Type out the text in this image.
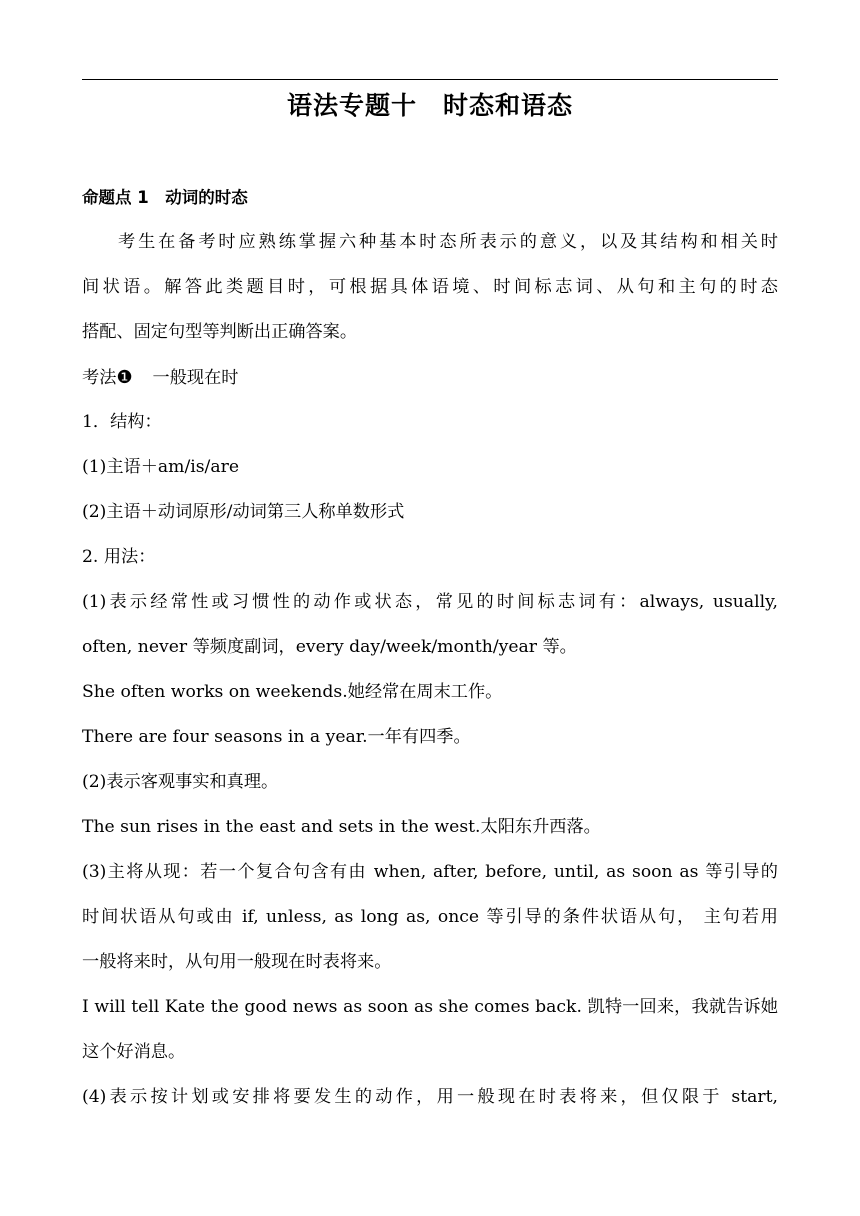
语法专题十　时态和语态
命题点 1　动词的时态
考生在备考时应熟练掌握六种基本时态所表示的意义，以及其结构和相关时
间状语。解答此类题目时，可根据具体语境、时间标志词、从句和主句的时态
搭配、固定句型等判断出正确答案。
考法❶ 一般现在时
1．结构：
(1)主语＋am/is/are
(2)主语＋动词原形/动词第三人称单数形式
2. 用法：
(1)表示经常性或习惯性的动作或状态，常见的时间标志词有：always, usually,
often, never 等频度副词，every day/week/month/year 等。
She often works on weekends.她经常在周末工作。
There are four seasons in a year.一年有四季。
(2)表示客观事实和真理。
The sun rises in the east and sets in the west.太阳东升西落。
(3)主将从现：若一个复合句含有由 when, after, before, until, as soon as 等引导的
时间状语从句或由 if, unless, as long as, once 等引导的条件状语从句， 主句若用
一般将来时，从句用一般现在时表将来。
I will tell Kate the good news as soon as she comes back. 凯特一回来，我就告诉她
这个好消息。
(4)表示按计划或安排将要发生的动作，用一般现在时表将来，但仅限于 start,
